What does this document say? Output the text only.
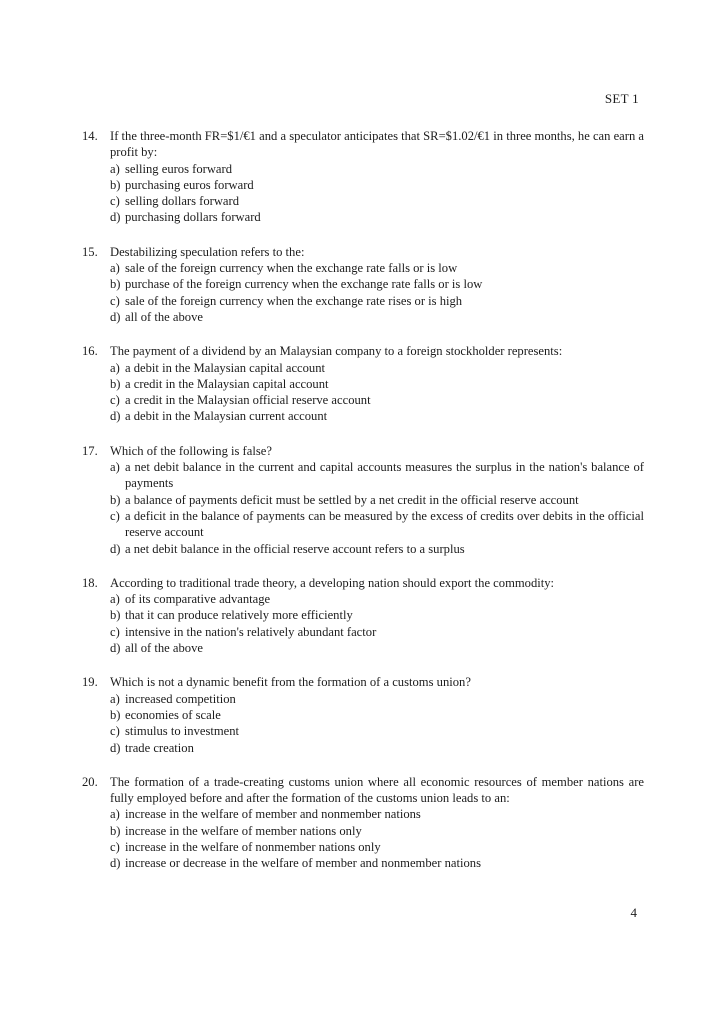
SET 1
14. If the three-month FR=$1/€1 and a speculator anticipates that SR=$1.02/€1 in three months, he can earn a profit by:
a) selling euros forward
b) purchasing euros forward
c) selling dollars forward
d) purchasing dollars forward
15. Destabilizing speculation refers to the:
a) sale of the foreign currency when the exchange rate falls or is low
b) purchase of the foreign currency when the exchange rate falls or is low
c) sale of the foreign currency when the exchange rate rises or is high
d) all of the above
16. The payment of a dividend by an Malaysian company to a foreign stockholder represents:
a) a debit in the Malaysian capital account
b) a credit in the Malaysian capital account
c) a credit in the Malaysian official reserve account
d) a debit in the Malaysian current account
17. Which of the following is false?
a) a net debit balance in the current and capital accounts measures the surplus in the nation's balance of payments
b) a balance of payments deficit must be settled by a net credit in the official reserve account
c) a deficit in the balance of payments can be measured by the excess of credits over debits in the official reserve account
d) a net debit balance in the official reserve account refers to a surplus
18. According to traditional trade theory, a developing nation should export the commodity:
a) of its comparative advantage
b) that it can produce relatively more efficiently
c) intensive in the nation's relatively abundant factor
d) all of the above
19. Which is not a dynamic benefit from the formation of a customs union?
a) increased competition
b) economies of scale
c) stimulus to investment
d) trade creation
20. The formation of a trade-creating customs union where all economic resources of member nations are fully employed before and after the formation of the customs union leads to an:
a) increase in the welfare of member and nonmember nations
b) increase in the welfare of member nations only
c) increase in the welfare of nonmember nations only
d) increase or decrease in the welfare of member and nonmember nations
4
